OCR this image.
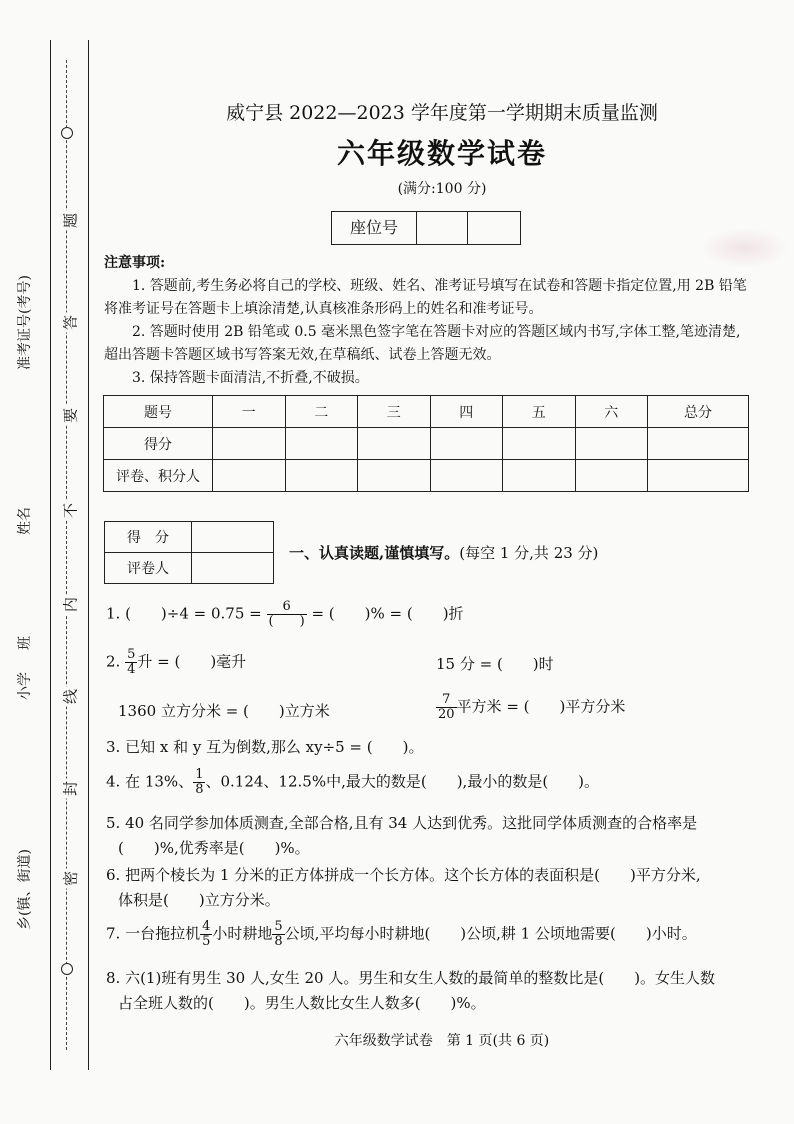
题
答
要
不
内
线
封
密
准考证号(考号)
姓名
班
小学
乡(镇、街道)
威宁县 2022—2023 学年度第一学期期末质量监测
六年级数学试卷
(满分:100 分)
座位号

注意事项:

1. 答题前,考生务必将自己的学校、班级、姓名、准考证号填写在试卷和答题卡指定位置,用 2B 铅笔将准考证号在答题卡上填涂清楚,认真核准条形码上的姓名和准考证号。

2. 答题时使用 2B 铅笔或 0.5 毫米黑色签字笔在答题卡对应的答题区域内书写,字体工整,笔迹清楚,超出答题卡答题区域书写答案无效,在草稿纸、试卷上答题无效。

3. 保持答题卡面清洁,不折叠,不破损。

题号	一	二	三	四	五	六	总分
得分							
评卷、积分人							
得　分	
评卷人	
一、认真读题,谨慎填写。(每空 1 分,共 23 分)
1. (　　)$\div 4 = 0.75 = \frac{6}{( )}$ = (　　)% = (　　)折
2. $\frac{5}{4}$ 升 = (　　)毫升	15 分 = (　　)时
1360 立方分米 = (　　)立方米	$\frac{7}{20}$ 平方米 = (　　)平方分米
3. 已知 x 和 y 互为倒数,那么 xy÷5 = (　　)。
4. 在 13%、 $\frac{1}{8}$ 、0.124、12.5%中,最大的数是(　　),最小的数是(　　)。
5. 40 名同学参加体质测查,全部合格,且有 34 人达到优秀。这批同学体质测查的合格率是
(　　)%,优秀率是(　　)%。
6. 把两个棱长为 1 分米的正方体拼成一个长方体。这个长方体的表面积是(　　)平方分米,
体积是(　　)立方分米。
7. 一台拖拉机 $\frac{4}{5}$ 小时耕地 $\frac{5}{8}$ 公顷,平均每小时耕地(　　)公顷,耕 1 公顷地需要(　　)小时。
8. 六(1)班有男生 30 人,女生 20 人。男生和女生人数的最简单的整数比是(　　)。女生人数
占全班人数的(　　)。男生人数比女生人数多(　　)%。
六年级数学试卷　第 1 页(共 6 页)
